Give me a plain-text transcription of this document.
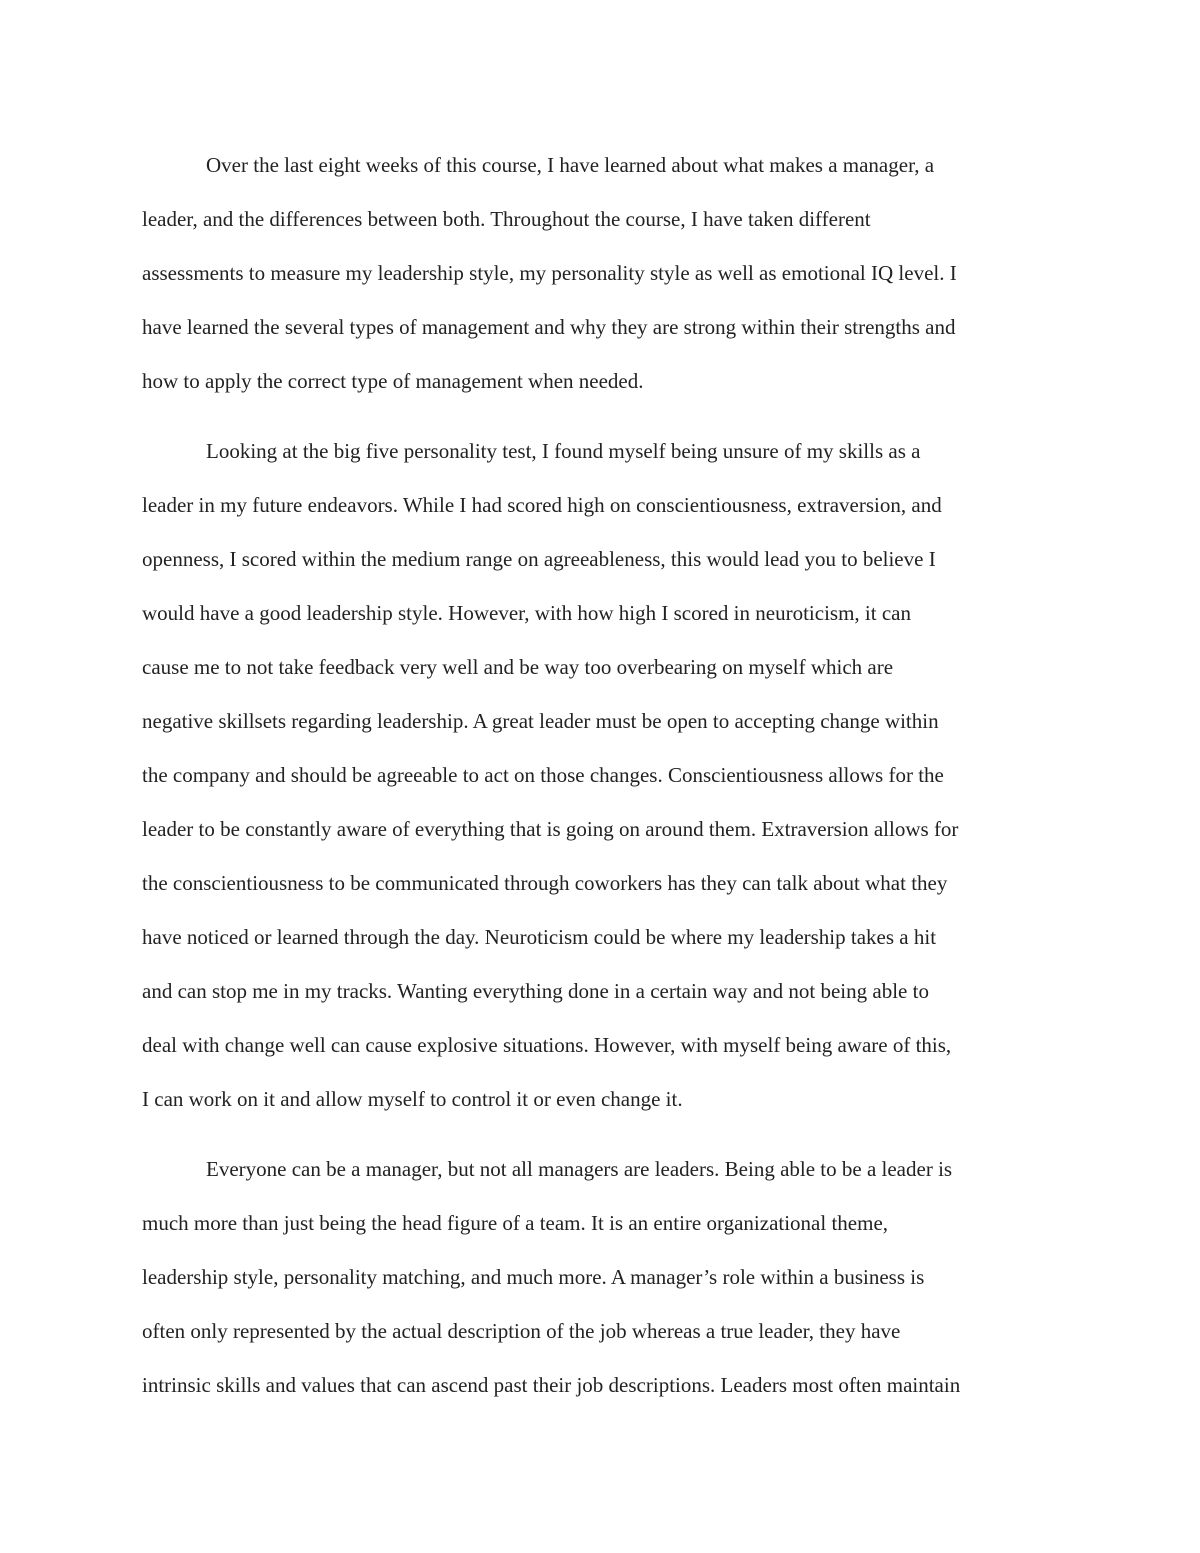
Over the last eight weeks of this course, I have learned about what makes a manager, a
leader, and the differences between both. Throughout the course, I have taken different
assessments to measure my leadership style, my personality style as well as emotional IQ level. I
have learned the several types of management and why they are strong within their strengths and
how to apply the correct type of management when needed.

Looking at the big five personality test, I found myself being unsure of my skills as a
leader in my future endeavors. While I had scored high on conscientiousness, extraversion, and
openness, I scored within the medium range on agreeableness, this would lead you to believe I
would have a good leadership style. However, with how high I scored in neuroticism, it can
cause me to not take feedback very well and be way too overbearing on myself which are
negative skillsets regarding leadership. A great leader must be open to accepting change within
the company and should be agreeable to act on those changes. Conscientiousness allows for the
leader to be constantly aware of everything that is going on around them. Extraversion allows for
the conscientiousness to be communicated through coworkers has they can talk about what they
have noticed or learned through the day. Neuroticism could be where my leadership takes a hit
and can stop me in my tracks. Wanting everything done in a certain way and not being able to
deal with change well can cause explosive situations. However, with myself being aware of this,
I can work on it and allow myself to control it or even change it.

Everyone can be a manager, but not all managers are leaders. Being able to be a leader is
much more than just being the head figure of a team. It is an entire organizational theme,
leadership style, personality matching, and much more. A manager’s role within a business is
often only represented by the actual description of the job whereas a true leader, they have
intrinsic skills and values that can ascend past their job descriptions. Leaders most often maintain
